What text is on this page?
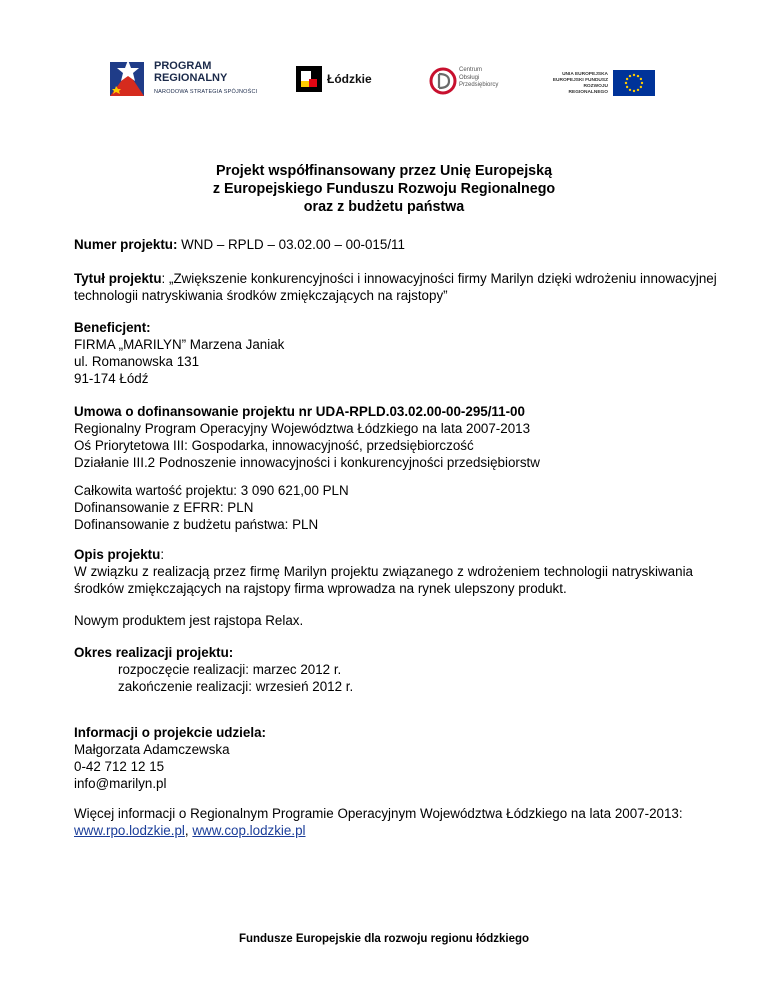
PROGRAM
REGIONALNY
NARODOWA STRATEGIA SPÓJNOŚCI
Łódzkie
Centrum
Obsługi
Przedsiębiorcy
UNIA EUROPEJSKA
EUROPEJSKI FUNDUSZ
ROZWOJU REGIONALNEGO
Projekt współfinansowany przez Unię Europejską
z Europejskiego Funduszu Rozwoju Regionalnego
oraz z budżetu państwa
Numer projektu: WND – RPLD – 03.02.00 – 00-015/11
Tytuł projektu: „Zwiększenie konkurencyjności i innowacyjności firmy Marilyn dzięki wdrożeniu innowacyjnej
technologii natryskiwania środków zmiękczających na rajstopy”
Beneficjent:
FIRMA „MARILYN” Marzena Janiak
ul. Romanowska 131
91-174 Łódź
Umowa o dofinansowanie projektu nr UDA-RPLD.03.02.00-00-295/11-00
Regionalny Program Operacyjny Województwa Łódzkiego na lata 2007-2013
Oś Priorytetowa III: Gospodarka, innowacyjność, przedsiębiorczość
Działanie III.2 Podnoszenie innowacyjności i konkurencyjności przedsiębiorstw
Całkowita wartość projektu: 3 090 621,00 PLN
Dofinansowanie z EFRR: PLN
Dofinansowanie z budżetu państwa: PLN
Opis projektu:
W związku z realizacją przez firmę Marilyn projektu związanego z wdrożeniem technologii natryskiwania środków zmiękczających na rajstopy firma wprowadza na rynek ulepszony produkt.
Nowym produktem jest rajstopa Relax.
Okres realizacji projektu:
rozpoczęcie realizacji: marzec 2012 r.
zakończenie realizacji: wrzesień 2012 r.
Informacji o projekcie udziela:
Małgorzata Adamczewska
0-42 712 12 15
info@marilyn.pl
Więcej informacji o Regionalnym Programie Operacyjnym Województwa Łódzkiego na lata 2007-2013:
www.rpo.lodzkie.pl, www.cop.lodzkie.pl
Fundusze Europejskie dla rozwoju regionu łódzkiego
